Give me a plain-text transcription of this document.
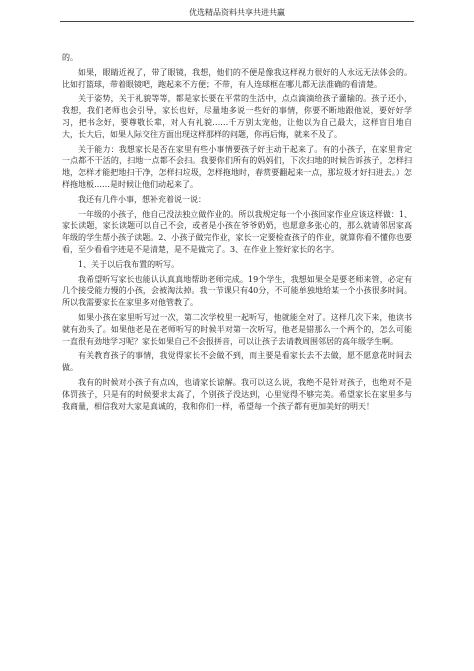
优选精品资料共享共进共赢

的。

如果，眼睛近视了，带了眼镜，我想，他们的不便是像我这样视力很好的人永远无法体会的。比如打篮球，带着眼镜吧，跑起来不方便；不带，有人连球框在哪儿都无法准确的看清楚。

关于姿势，关于礼貌等等，都是家长要在平常的生活中，点点滴滴给孩子灌输的。孩子还小，我想，我们老师也会引导，家长也好，尽量地多说一些好的事情，你要不断地跟他说，要好好学习，把书念好，要尊敬长辈，对人有礼貌……千万别太宠他，让他以为自己最大，这样盲目地自大，长大后，如果人际交往方面出现这样那样的问题，你再后悔，就来不及了。

关于能力：我想家长是否在家里有些小事情要孩子好主动干起来了。有的小孩子，在家里肯定一点都不干活的，扫地一点都不会扫。我要你们所有的妈妈们，下次扫地的时候告诉孩子，怎样扫地，怎样才能把地扫干净，怎样扫垃圾，怎样拖地时，春赏要翻起来一点，那垃圾才好扫进去。）怎样拖地板……是时候让他们动起来了。

我还有几件小事，想补充着说一说：

一年级的小孩子，他自己没法独立做作业的。所以我规定每一个小孩回家作业应该这样做：1、家长读题，家长读题可以自己不会，或者是小孩在爷爷奶奶，也愿意多张心的，那么就请邻居家高年级的学生帮小孩子读题。2、小孩子做完作业，家长一定要检查孩子的作业，就算你看不懂你也要看，至少看看字迹是不是清楚，是不是做完了。3、在作业上签好家长的名字。

1、关于以后我布置的听写。

我希望听写家长也能认认真真地帮助老师完成。19个学生，我想如果全是要老师来管，必定有几个接受能力慢的小孩，会被淘汰掉。我一节课只有40分，不可能单独地给某一个小孩很多时间。所以我需要家长在家里多对他管教了。

如果小孩在家里听写过一次，第二次学校里一起听写，他就能全对了。这样几次下来，他读书就有劲头了。如果他老是在老师听写的时候半对第一次听写，他老是错那么一个两个的，怎么可能一直很有劲地学习呢？家长如果自己不会报拼音，可以让孩子去请教周围邻居的高年级学生啊。

有关教育孩子的事情，我觉得家长不会做不到，而主要是看家长去不去做，愿不愿意花时间去做。

我有的时候对小孩子有点凶，也请家长谅解。我可以这么说，我绝不是针对孩子，也绝对不是体罚孩子，只是有的时候要求太高了，个别孩子没达到，心里觉得不够完美。希望家长在家里多与我商量，相信我对大家是真诚的，我和你们一样，希望每一个孩子都有更加美好的明天！
